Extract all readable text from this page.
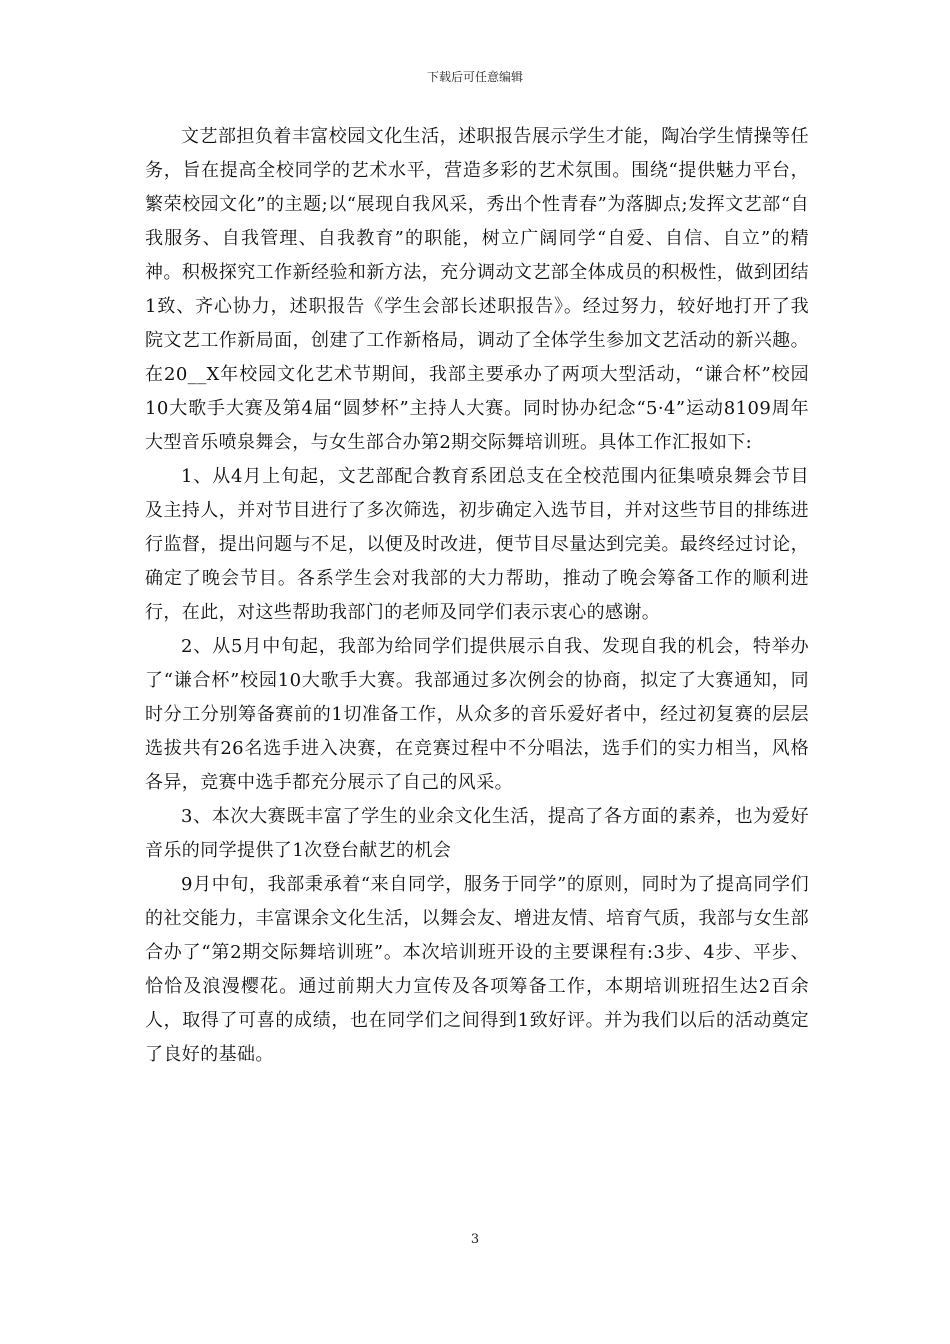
下载后可任意编辑

文艺部担负着丰富校园文化生活，述职报告展示学生才能，陶冶学生情操等任务，旨在提高全校同学的艺术水平，营造多彩的艺术氛围。围绕“提供魅力平台，繁荣校园文化”的主题;以“展现自我风采，秀出个性青春”为落脚点;发挥文艺部“自我服务、自我管理、自我教育”的职能，树立广阔同学“自爱、自信、自立”的精神。积极探究工作新经验和新方法，充分调动文艺部全体成员的积极性，做到团结1致、齐心协力，述职报告《学生会部长述职报告》。经过努力，较好地打开了我院文艺工作新局面，创建了工作新格局，调动了全体学生参加文艺活动的新兴趣。在20__X年校园文化艺术节期间，我部主要承办了两项大型活动，“谦合杯”校园10大歌手大赛及第4届“圆梦杯”主持人大赛。同时协办纪念“5·4”运动8109周年大型音乐喷泉舞会，与女生部合办第2期交际舞培训班。具体工作汇报如下:

1、从4月上旬起，文艺部配合教育系团总支在全校范围内征集喷泉舞会节目及主持人，并对节目进行了多次筛选，初步确定入选节目，并对这些节目的排练进行监督，提出问题与不足，以便及时改进，便节目尽量达到完美。最终经过讨论，确定了晚会节目。各系学生会对我部的大力帮助，推动了晚会筹备工作的顺利进行，在此，对这些帮助我部门的老师及同学们表示衷心的感谢。

2、从5月中旬起，我部为给同学们提供展示自我、发现自我的机会，特举办了“谦合杯”校园10大歌手大赛。我部通过多次例会的协商，拟定了大赛通知，同时分工分别筹备赛前的1切准备工作，从众多的音乐爱好者中，经过初复赛的层层选拔共有26名选手进入决赛，在竞赛过程中不分唱法，选手们的实力相当，风格各异，竞赛中选手都充分展示了自己的风采。

3、本次大赛既丰富了学生的业余文化生活，提高了各方面的素养，也为爱好音乐的同学提供了1次登台献艺的机会

9月中旬，我部秉承着“来自同学，服务于同学”的原则，同时为了提高同学们的社交能力，丰富课余文化生活，以舞会友、增进友情、培育气质，我部与女生部合办了“第2期交际舞培训班”。本次培训班开设的主要课程有:3步、4步、平步、恰恰及浪漫樱花。通过前期大力宣传及各项筹备工作，本期培训班招生达2百余人，取得了可喜的成绩，也在同学们之间得到1致好评。并为我们以后的活动奠定了良好的基础。

3
